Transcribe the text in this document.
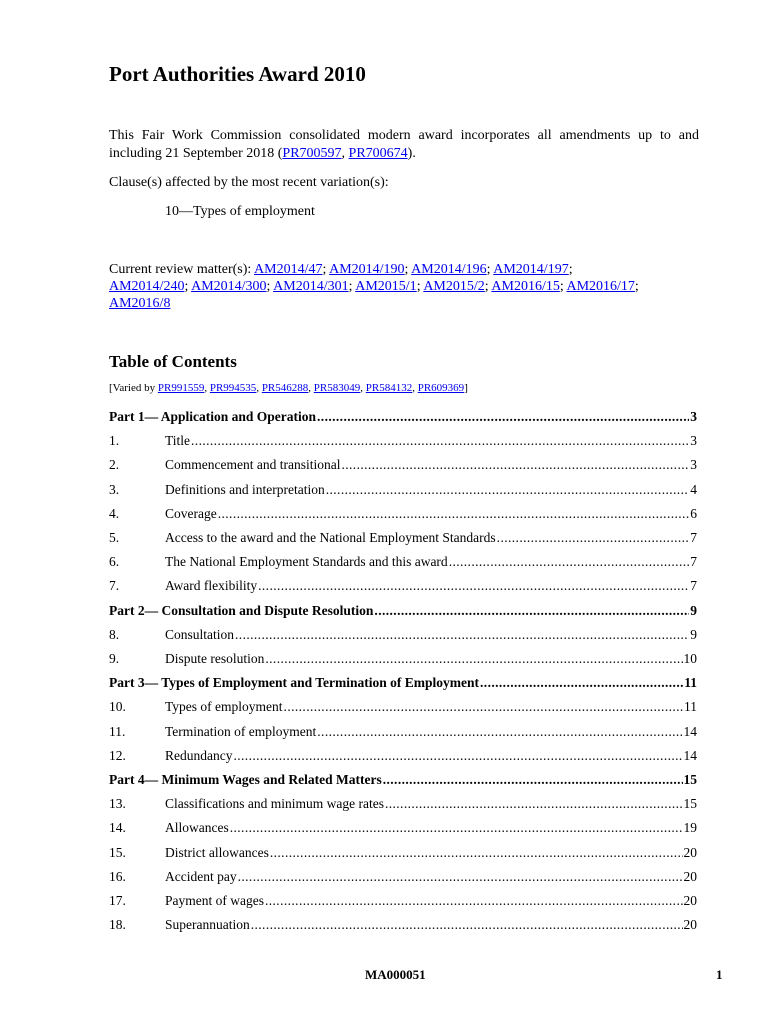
Port Authorities Award 2010
This Fair Work Commission consolidated modern award incorporates all amendments up to and including 21 September 2018 (PR700597, PR700674).
Clause(s) affected by the most recent variation(s):
10—Types of employment
Current review matter(s): AM2014/47; AM2014/190; AM2014/196; AM2014/197; AM2014/240; AM2014/300; AM2014/301; AM2015/1; AM2015/2; AM2016/15; AM2016/17; AM2016/8
Table of Contents
[Varied by PR991559, PR994535, PR546288, PR583049, PR584132, PR609369]
Part 1— Application and Operation .....	3
1.	Title .....	3
2.	Commencement and transitional .....	3
3.	Definitions and interpretation .....	4
4.	Coverage .....	6
5.	Access to the award and the National Employment Standards .....	7
6.	The National Employment Standards and this award .....	7
7.	Award flexibility .....	7
Part 2— Consultation and Dispute Resolution .....	9
8.	Consultation .....	9
9.	Dispute resolution .....	10
Part 3— Types of Employment and Termination of Employment .....	11
10.	Types of employment .....	11
11.	Termination of employment .....	14
12.	Redundancy .....	14
Part 4— Minimum Wages and Related Matters .....	15
13.	Classifications and minimum wage rates .....	15
14.	Allowances .....	19
15.	District allowances .....	20
16.	Accident pay .....	20
17.	Payment of wages .....	20
18.	Superannuation .....	20
MA000051	1
